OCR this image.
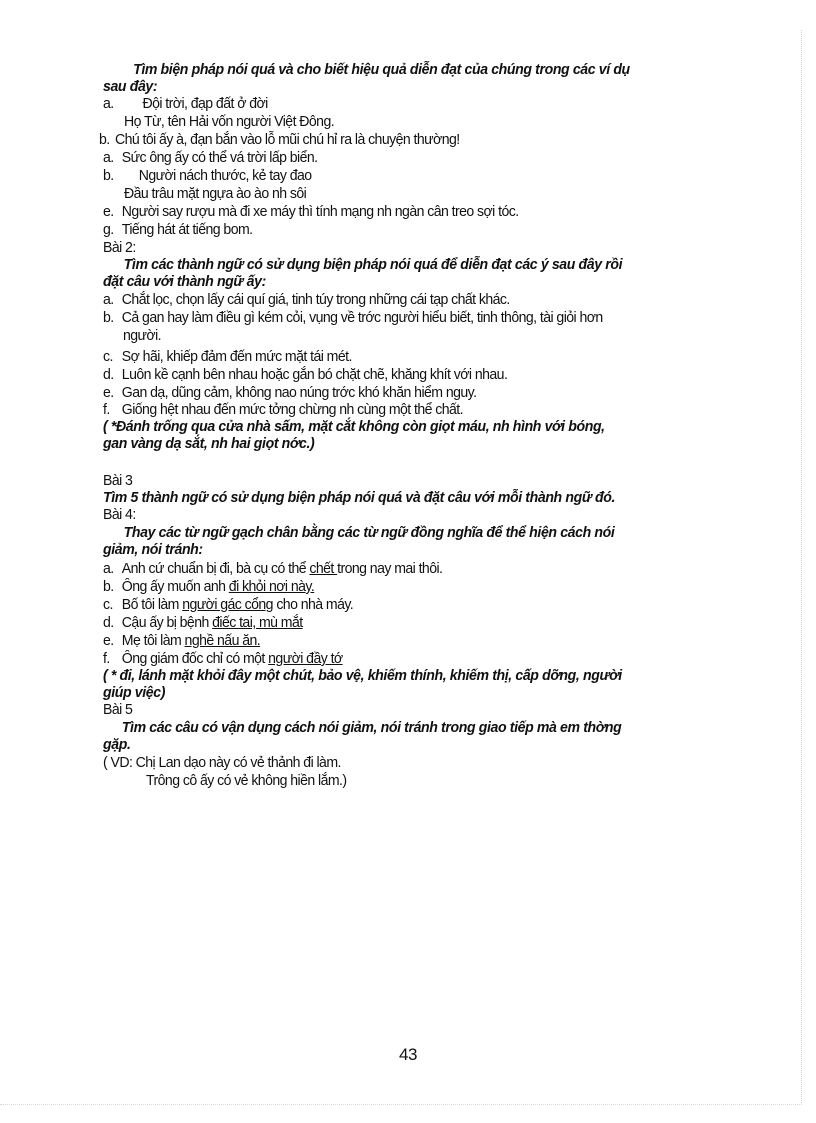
Tìm biện pháp nói quá và cho biết hiệu quả diễn đạt của chúng trong các ví dụ
sau đây:
a. Đội trời, đạp đất ở đời
Họ Từ, tên Hải vốn người Việt Đông.
b. Chú tôi ấy à, đạn bắn vào lỗ mũi chú hỉ ra là chuyện thường!
a. Sức ông ấy có thể vá trời lấp biển.
b. Người nách thước, kẻ tay đao
Đầu trâu mặt ngựa ào ào nh sôi
e. Người say rượu mà đi xe máy thì tính mạng nh ngàn cân treo sợi tóc.
g. Tiếng hát át tiếng bom.
Bài 2:
Tìm các thành ngữ có sử dụng biện pháp nói quá để diễn đạt các ý sau đây rồi
đặt câu với thành ngữ ấy:
a. Chắt lọc, chọn lấy cái quí giá, tinh túy trong những cái tạp chất khác.
b. Cả gan hay làm điều gì kém cỏi, vụng về trớc người hiểu biết, tinh thông, tài giỏi hơn
người.
c. Sợ hãi, khiếp đảm đến mức mặt tái mét.
d. Luôn kề cạnh bên nhau hoặc gắn bó chặt chẽ, khăng khít với nhau.
e. Gan dạ, dũng cảm, không nao núng trớc khó khăn hiểm nguy.
f. Giống hệt nhau đến mức tởng chừng nh cùng một thể chất.
( *Đánh trống qua cửa nhà sấm, mặt cắt không còn giọt máu, nh hình với bóng,
gan vàng dạ sắt, nh hai giọt nớc.)
Bài 3
Tìm 5 thành ngữ có sử dụng biện pháp nói quá và đặt câu với mỗi thành ngữ đó.
Bài 4:
Thay các từ ngữ gạch chân bằng các từ ngữ đồng nghĩa để thể hiện cách nói
giảm, nói tránh:
a. Anh cứ chuẩn bị đi, bà cụ có thể chết trong nay mai thôi.
b. Ông ấy muốn anh đi khỏi nơi này.
c. Bố tôi làm người gác cổng cho nhà máy.
d. Cậu ấy bị bệnh điếc tai, mù mắt
e. Mẹ tôi làm nghề nấu ăn.
f. Ông giám đốc chỉ có một người đầy tớ
( * đi, lánh mặt khỏi đây một chút, bảo vệ, khiếm thính, khiếm thị, cấp dỡng, người
giúp việc)
Bài 5
Tìm các câu có vận dụng cách nói giảm, nói tránh trong giao tiếp mà em thờng
gặp.
( VD: Chị Lan dạo này có vẻ thảnh đi làm.
Trông cô ấy có vẻ không hiền lắm.)
43
